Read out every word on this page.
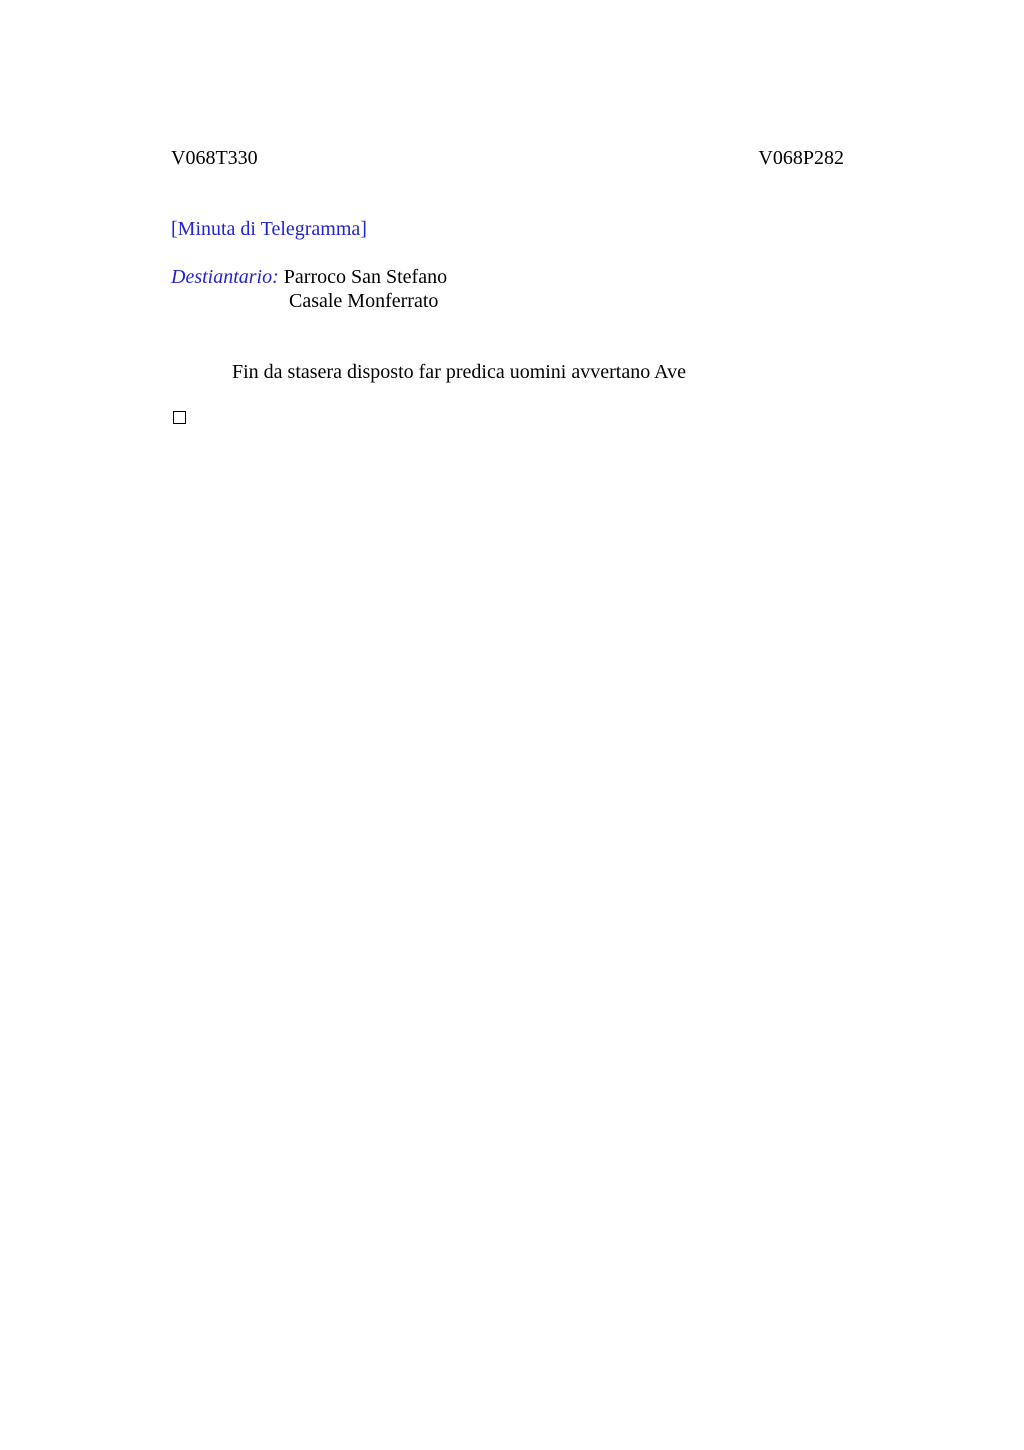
V068T330	V068P282
[Minuta di Telegramma]
Destiantario: Parroco San Stefano
Casale Monferrato
Fin da stasera disposto far predica uomini avvertano Ave
